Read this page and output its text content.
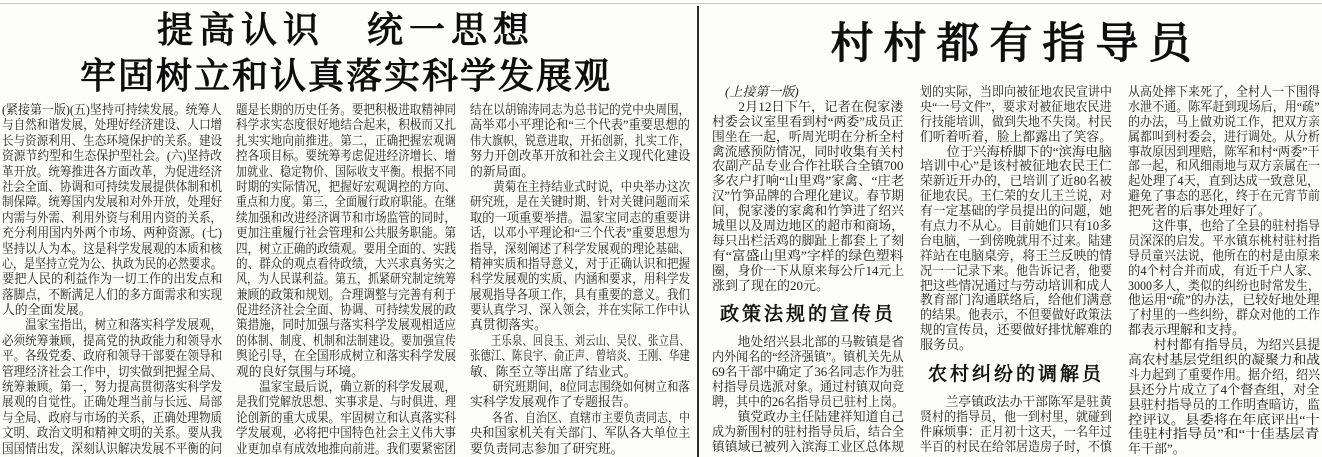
提高认识　统一思想
牢固树立和认真落实科学发展观
(紧接第一版)(五)坚持可持续发展。统筹人
与自然和谐发展，处理好经济建设、人口增
长与资源利用、生态环境保护的关系。建设
资源节约型和生态保护型社会。(六)坚持改
革开放。统筹推进各方面改革，为促进经济
社会全面、协调和可持续发展提供体制和机
制保障。统筹国内发展和对外开放，处理好
内需与外需、利用外资与利用内资的关系，
充分利用国内外两个市场、两种资源。(七)
坚持以人为本。这是科学发展观的本质和核
心，是坚持立党为公、执政为民的必然要求。
要把人民的利益作为一切工作的出发点和
落脚点，不断满足人们的多方面需求和实现
人的全面发展。
　　温家宝指出，树立和落实科学发展观，
必须统筹兼顾，提高党的执政能力和领导水
平。各级党委、政府和领导干部要在领导和
管理经济社会工作中，切实做到把握全局、
统筹兼顾。第一，努力提高贯彻落实科学发
展观的自觉性。正确处理当前与长远、局部
与全局、政府与市场的关系，正确处理物质
文明、政治文明和精神文明的关系。要从我
国国情出发，深刻认识解决发展不平衡的问
题是长期的历史任务。要把积极进取精神同
科学求实态度很好地结合起来，积极而又扎
扎实实地向前推进。第二，正确把握宏观调
控各项目标。要统筹考虑促进经济增长、增
加就业、稳定物价、国际收支平衡。根据不同
时期的实际情况，把握好宏观调控的方向、
重点和力度。第三，全面履行政府职能。在继
续加强和改进经济调节和市场监管的同时，
更加注重履行社会管理和公共服务职能。第
四，树立正确的政绩观。要用全面的、实践
的、群众的观点看待政绩，大兴求真务实之
风，为人民谋利益。第五，抓紧研究制定统筹
兼顾的政策和规划。合理调整与完善有利于
促进经济社会全面、协调、可持续发展的政
策措施，同时加强与落实科学发展观相适应
的体制、制度、机制和法制建设。要加强宣传
舆论引导，在全国形成树立和落实科学发展
观的良好氛围与环境。
　　温家宝最后说，确立新的科学发展观，
是我们党解放思想、实事求是、与时俱进、理
论创新的重大成果。牢固树立和认真落实科
学发展观，必将把中国特色社会主义伟大事
业更加卓有成效地推向前进。我们要紧密团
结在以胡锦涛同志为总书记的党中央周围，
高举邓小平理论和“三个代表”重要思想的
伟大旗帜，锐意进取，开拓创新，扎实工作，
努力开创改革开放和社会主义现代化建设
的新局面。
　　黄菊在主持结业式时说，中央举办这次
研究班，是在关键时期、针对关键问题而采
取的一项重要举措。温家宝同志的重要讲
话，以邓小平理论和“三个代表”重要思想为
指导，深刻阐述了科学发展观的理论基础、
精神实质和指导意义，对于正确认识和把握
科学发展观的实质、内涵和要求，用科学发
展观指导各项工作，具有重要的意义。我们
要认真学习、深入领会，并在实际工作中认
真贯彻落实。
　　王乐泉、回良玉、刘云山、吴仪、张立昌、
张德江、陈良宇、俞正声、曾培炎、王刚、华建
敏、陈至立等出席了结业式。
　　研究班期间，8位同志围绕如何树立和落
实科学发展观作了专题报告。
　　各省、自治区、直辖市主要负责同志，中
央和国家机关有关部门、军队各大单位主
要负责同志参加了研究班。
村村都有指导员
　(上接第一版)
　　2月12日下午，记者在倪家溇
村委会议室里看到村“两委”成员正
围坐在一起，听周光明在分析全村
禽流感预防情况，同时收集有关村
农副产品专业合作社联合全镇700
多农户打响“山里鸡”家禽、“庄老
汉”竹笋品牌的合理化建议。春节期
间，倪家溇的家禽和竹笋进了绍兴
城里以及周边地区的超市和商场，
每只出栏活鸡的脚趾上都套上了刻
有“富盛山里鸡”字样的绿色塑料
圈，身价一下从原来每公斤14元上
涨到了现在的20元。
政策法规的宣传员
　　地处绍兴县北部的马鞍镇是省
内外闻名的“经济强镇”。镇机关先从
69名干部中确定了36名同志作为驻
村指导员选派对象。通过村镇双向竞
聘，其中的26名指导员已驻村上岗。
　　镇党政办主任陆建祥知道自己
成为新围村的驻村指导员后，结合全
镇镇域已被列入滨海工业区总体规
划的实际，当即向被征地农民宣讲中
央“一号文件”，要求对被征地农民进
行技能培训，做到失地不失岗。村民
们听着听着，脸上都露出了笑容。
　　位于兴海桥脚下的“滨海电脑
培训中心”是该村被征地农民王仁
荣新近开办的，已培训了近80名被
征地农民。王仁荣的女儿王兰说，对
有一定基础的学员提出的问题，她
有点力不从心。目前她们只有10多
台电脑，一到傍晚就用不过来。陆建
祥站在电脑桌旁，将王兰反映的情
况一一记录下来。他告诉记者，他要
把这些情况通过与劳动培训和成人
教育部门沟通联络后，给他们满意
的结果。他表示，不但要做好政策法
规的宣传员，还要做好排忧解难的
服务员。
农村纠纷的调解员
　　兰亭镇政法办干部陈军是驻黄
贤村的指导员，他一到村里，就碰到
件麻烦事：正月初十这天，一名年过
半百的村民在给邻居造房子时，不慎
从高处摔下来死了，全村人一下围得
水泄不通。陈军赶到现场后，用“疏”
的办法，马上做劝说工作，把双方亲
属都叫到村委会，进行调处。从分析
事故原因到理赔，陈军和村“两委”干
部一起，和风细雨地与双方亲属在一
起处理了4天，直到达成一致意见，
避免了事态的恶化，终于在元宵节前
把死者的后事处理好了。
　　这件事，也给了全县的驻村指导
员深深的启发。平水镇东桃村驻村指
导员童兴法说，他所在的村是由原来
的4个村合并而成，有近千户人家、
3000多人，类似的纠纷也时常发生，
他运用“疏”的办法，已较好地处理
了村里的一些纠纷，群众对他的工作
都表示理解和支持。
　　村村都有指导员，为绍兴县提
高农村基层党组织的凝聚力和战
斗力起到了重要作用。据介绍，绍兴
县还分片成立了4个督查组，对全
县驻村指导员的工作明查暗访，监
控评议。县委将在年底评出“十
佳驻村指导员”和“十佳基层青
年干部”。
